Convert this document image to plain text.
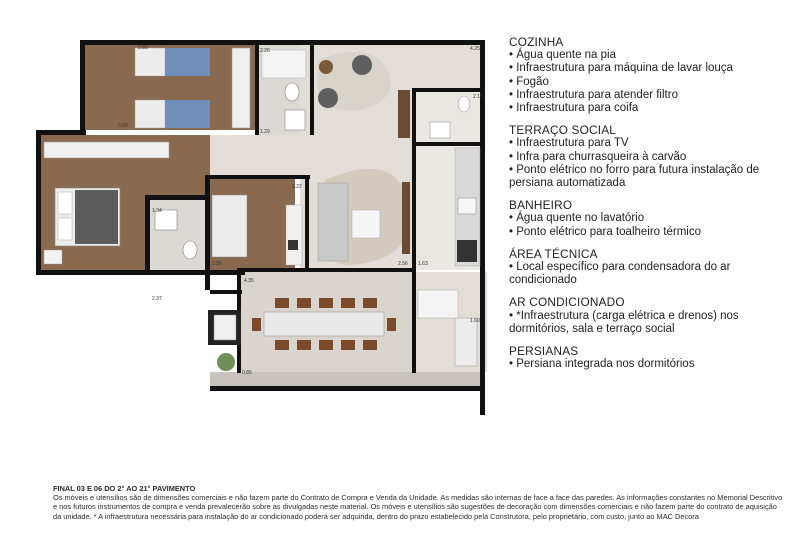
2.89	2.26
0.90
1.29
4.25
2.13
2.22
1.34
2.56	2.56 1.63
2.37
4.35
1.60
0.85
COZINHA
• Água quente na pia
• Infraestrutura para máquina de lavar louça
• Fogão
• Infraestrutura para atender filtro
• Infraestrutura para coifa
TERRAÇO SOCIAL
• Infraestrutura para TV
• Infra para churrasqueira à carvão
• Ponto elétrico no forro para futura instalação de persiana automatizada
BANHEIRO
• Água quente no lavatório
• Ponto elétrico para toalheiro térmico
ÁREA TÉCNICA
• Local específico para condensadora do ar condicionado
AR CONDICIONADO
• *Infraestrutura (carga elétrica e drenos) nos dormitórios, sala e terraço social
PERSIANAS
• Persiana integrada nos dormitórios
FINAL 03 E 06 DO 2° AO 21° PAVIMENTO
Os móveis e utensílios são de dimensões comerciais e não fazem parte do Contrato de Compra e Venda da Unidade. As medidas são internas de face a face das paredes. As informações constantes no Memorial Descritivo e nos futuros instrumentos de compra e venda prevalecerão sobre as divulgadas neste material. Os móveis e utensílios são sugestões de decoração com dimensões comerciais e não fazem parte do contrato de aquisição da unidade. * A infraestrutura necessária para instalação do ar condicionado poderá ser adquirida, dentro do prazo estabelecido pela Construtora, pelo proprietário, com custo, junto ao MAC Decora
